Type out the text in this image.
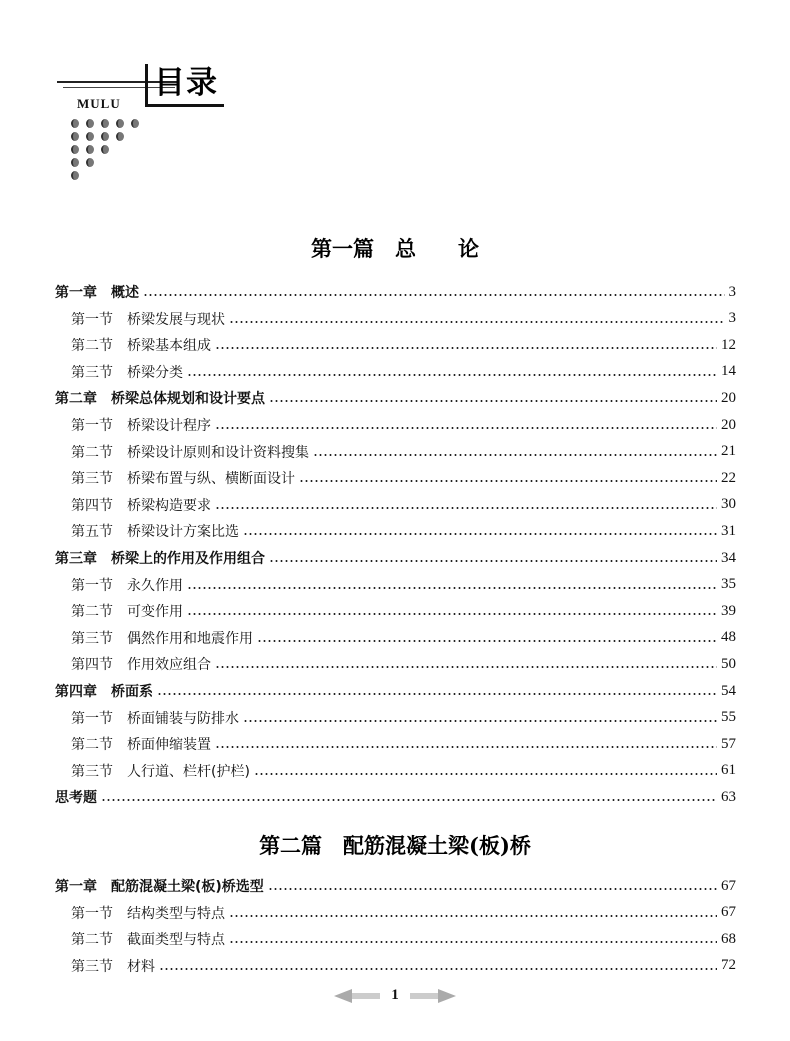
目录
MULU
第一篇　总　　论
第一章 概述	3
第一节 桥梁发展与现状	3
第二节 桥梁基本组成	12
第三节 桥梁分类	14
第二章 桥梁总体规划和设计要点	20
第一节 桥梁设计程序	20
第二节 桥梁设计原则和设计资料搜集	21
第三节 桥梁布置与纵、横断面设计	22
第四节 桥梁构造要求	30
第五节 桥梁设计方案比选	31
第三章 桥梁上的作用及作用组合	34
第一节 永久作用	35
第二节 可变作用	39
第三节 偶然作用和地震作用	48
第四节 作用效应组合	50
第四章 桥面系	54
第一节 桥面铺装与防排水	55
第二节 桥面伸缩装置	57
第三节 人行道、栏杆(护栏)	61
思考题	63
第二篇　配筋混凝土梁(板)桥
第一章 配筋混凝土梁(板)桥选型	67
第一节 结构类型与特点	67
第二节 截面类型与特点	68
第三节 材料	72
1
